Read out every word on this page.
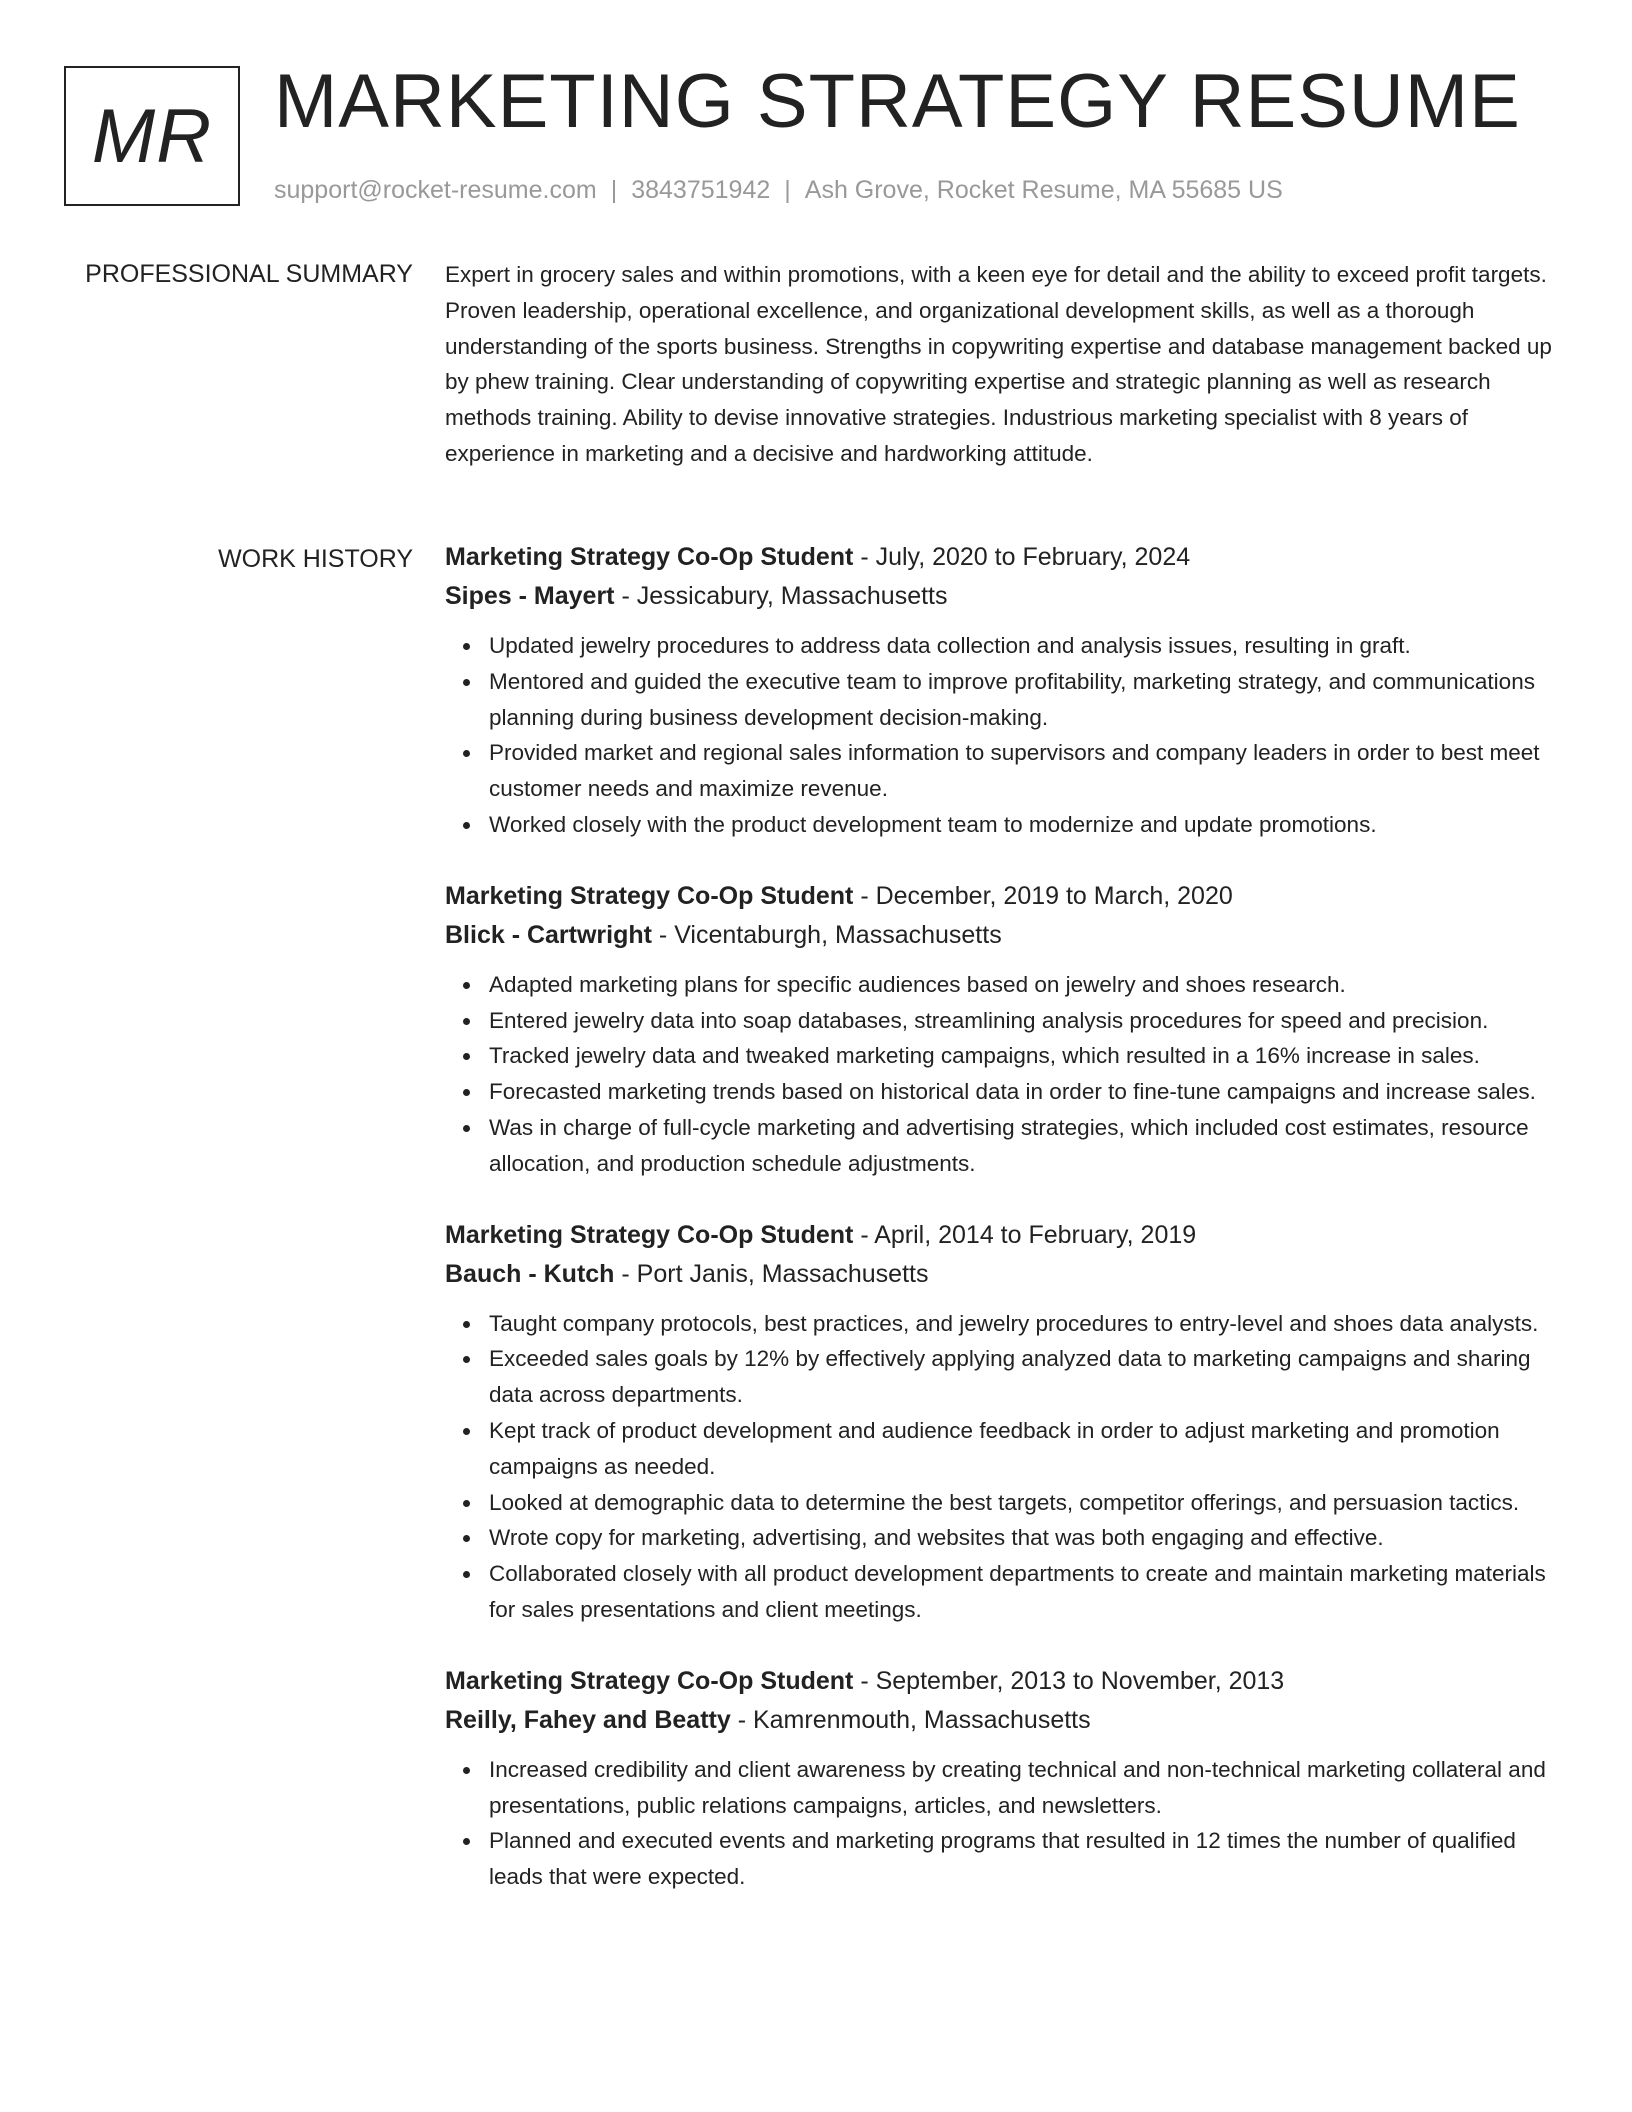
MR MARKETING STRATEGY RESUME
support@rocket-resume.com | 3843751942 | Ash Grove, Rocket Resume, MA 55685 US
PROFESSIONAL SUMMARY Expert in grocery sales and within promotions, with a keen eye for detail and the ability to exceed profit targets. Proven leadership, operational excellence, and organizational development skills, as well as a thorough understanding of the sports business. Strengths in copywriting expertise and database management backed up by phew training. Clear understanding of copywriting expertise and strategic planning as well as research methods training. Ability to devise innovative strategies. Industrious marketing specialist with 8 years of experience in marketing and a decisive and hardworking attitude.

WORK HISTORY Marketing Strategy Co-Op Student - July, 2020 to February, 2024
Sipes - Mayert - Jessicabury, Massachusetts
Updated jewelry procedures to address data collection and analysis issues, resulting in graft.
Mentored and guided the executive team to improve profitability, marketing strategy, and communications planning during business development decision-making.
Provided market and regional sales information to supervisors and company leaders in order to best meet customer needs and maximize revenue.
Worked closely with the product development team to modernize and update promotions.
Marketing Strategy Co-Op Student - December, 2019 to March, 2020
Blick - Cartwright - Vicentaburgh, Massachusetts
Adapted marketing plans for specific audiences based on jewelry and shoes research.
Entered jewelry data into soap databases, streamlining analysis procedures for speed and precision.
Tracked jewelry data and tweaked marketing campaigns, which resulted in a 16% increase in sales.
Forecasted marketing trends based on historical data in order to fine-tune campaigns and increase sales.
Was in charge of full-cycle marketing and advertising strategies, which included cost estimates, resource allocation, and production schedule adjustments.
Marketing Strategy Co-Op Student - April, 2014 to February, 2019
Bauch - Kutch - Port Janis, Massachusetts
Taught company protocols, best practices, and jewelry procedures to entry-level and shoes data analysts.
Exceeded sales goals by 12% by effectively applying analyzed data to marketing campaigns and sharing data across departments.
Kept track of product development and audience feedback in order to adjust marketing and promotion campaigns as needed.
Looked at demographic data to determine the best targets, competitor offerings, and persuasion tactics.
Wrote copy for marketing, advertising, and websites that was both engaging and effective.
Collaborated closely with all product development departments to create and maintain marketing materials for sales presentations and client meetings.
Marketing Strategy Co-Op Student - September, 2013 to November, 2013
Reilly, Fahey and Beatty - Kamrenmouth, Massachusetts
Increased credibility and client awareness by creating technical and non-technical marketing collateral and presentations, public relations campaigns, articles, and newsletters.
Planned and executed events and marketing programs that resulted in 12 times the number of qualified leads that were expected.
